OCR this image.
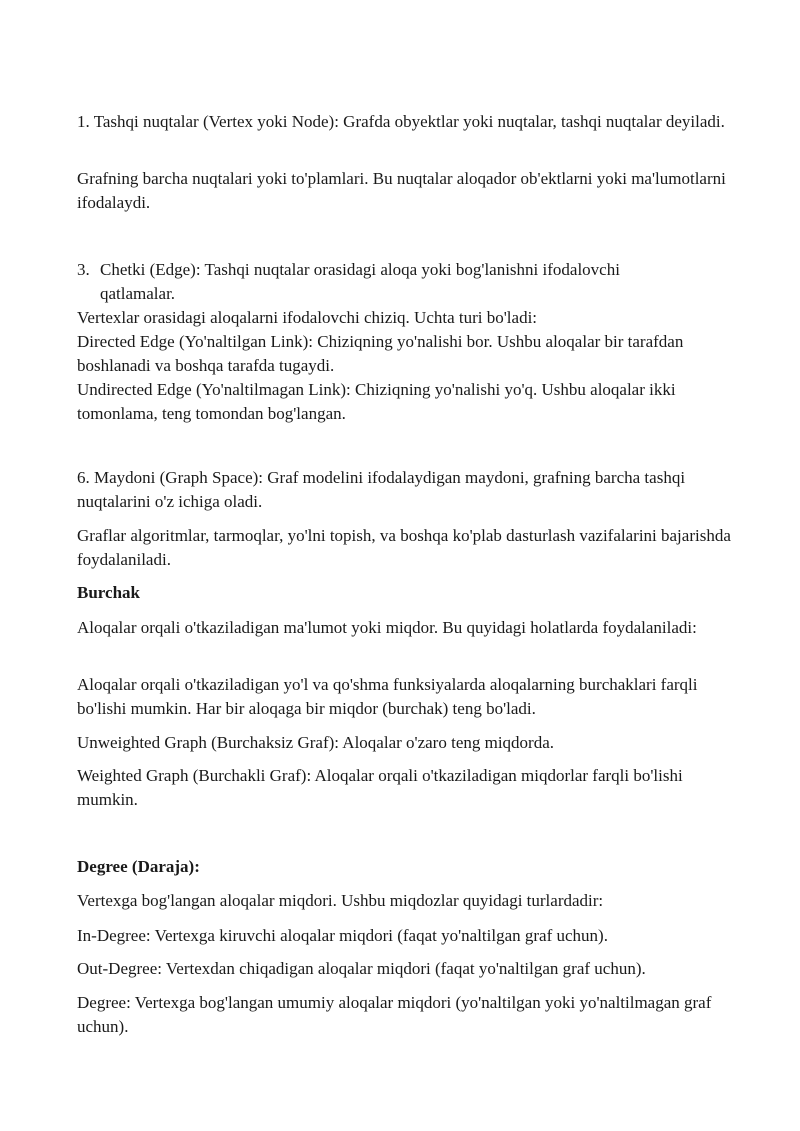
1. Tashqi nuqtalar (Vertex yoki Node): Grafda obyektlar yoki nuqtalar, tashqi nuqtalar deyiladi.

Grafning barcha nuqtalari yoki to'plamlari. Bu nuqtalar aloqador ob'ektlarni yoki ma'lumotlarni ifodalaydi.

3. Chetki (Edge): Tashqi nuqtalar orasidagi aloqa yoki bog'lanishni ifodalovchi

qatlamalar.

Vertexlar orasidagi aloqalarni ifodalovchi chiziq. Uchta turi bo'ladi:

Directed Edge (Yo'naltilgan Link): Chiziqning yo'nalishi bor. Ushbu aloqalar bir tarafdan boshlanadi va boshqa tarafda tugaydi.

Undirected Edge (Yo'naltilmagan Link): Chiziqning yo'nalishi yo'q. Ushbu aloqalar ikki tomonlama, teng tomondan bog'langan.

6. Maydoni (Graph Space): Graf modelini ifodalaydigan maydoni, grafning barcha tashqi nuqtalarini o'z ichiga oladi.

Graflar algoritmlar, tarmoqlar, yo'lni topish, va boshqa ko'plab dasturlash vazifalarini bajarishda foydalaniladi.

Burchak

Aloqalar orqali o'tkaziladigan ma'lumot yoki miqdor. Bu quyidagi holatlarda foydalaniladi:

Aloqalar orqali o'tkaziladigan yo'l va qo'shma funksiyalarda aloqalarning burchaklari farqli bo'lishi mumkin. Har bir aloqaga bir miqdor (burchak) teng bo'ladi.

Unweighted Graph (Burchaksiz Graf): Aloqalar o'zaro teng miqdorda.

Weighted Graph (Burchakli Graf): Aloqalar orqali o'tkaziladigan miqdorlar farqli bo'lishi mumkin.

Degree (Daraja):

Vertexga bog'langan aloqalar miqdori. Ushbu miqdozlar quyidagi turlardadir:

In-Degree: Vertexga kiruvchi aloqalar miqdori (faqat yo'naltilgan graf uchun).

Out-Degree: Vertexdan chiqadigan aloqalar miqdori (faqat yo'naltilgan graf uchun).

Degree: Vertexga bog'langan umumiy aloqalar miqdori (yo'naltilgan yoki yo'naltilmagan graf uchun).
